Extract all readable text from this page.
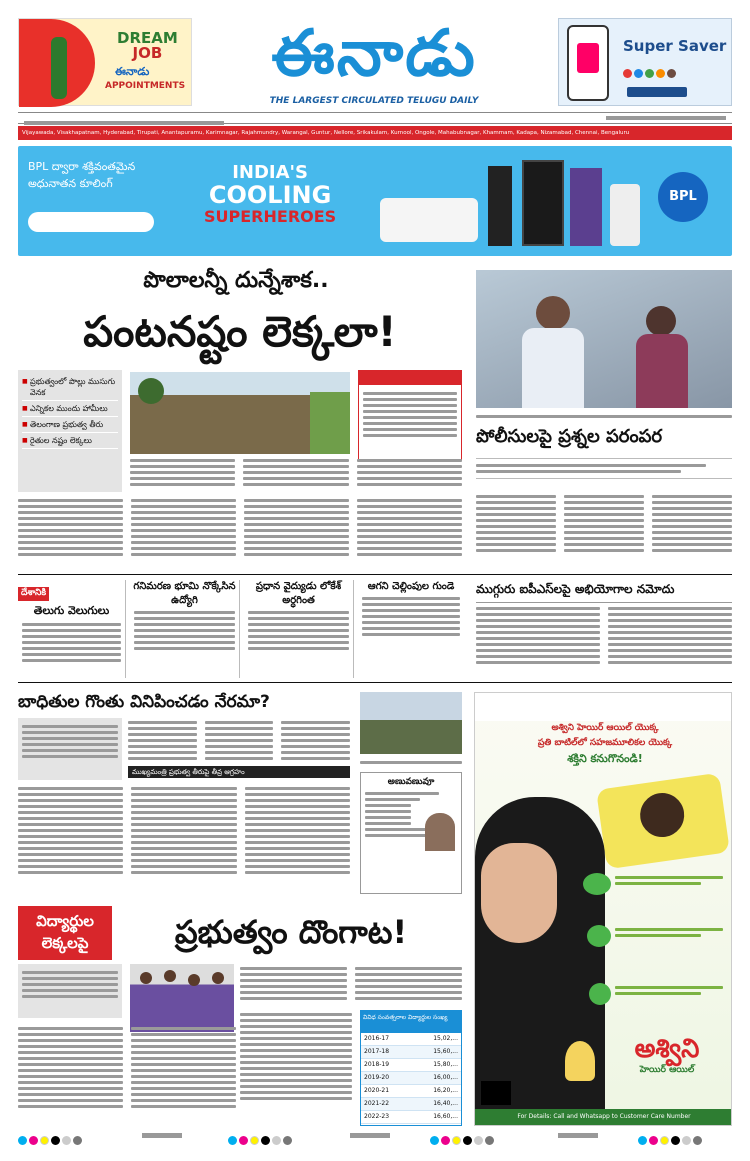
DREAM
JOB
ఈనాడు
APPOINTMENTS	ఈనాడు
THE LARGEST CIRCULATED TELUGU DAILY
Super Saver
Vijayawada, Visakhapatnam, Hyderabad, Tirupati, Anantapuramu, Karimnagar, Rajahmundry, Warangal, Guntur, Nellore, Srikakulam, Kurnool, Ongole, Mahabubnagar, Khammam, Kadapa, Nizamabad, Chennai, Bengaluru
BPL ద్వారా శక్తివంతమైన
అధునాతన కూలింగ్
INDIA'S
COOLING
SUPERHEROES
BPL
పొలాలన్నీ దున్నేశాక..
పంటనష్టం లెక్కలా!
■ ప్రభుత్వంలో పొల్లు ముసుగు వెనక
■ ఎన్నికల ముందు హామీలు
■ తెలంగాణ ప్రభుత్వ తీరు
■ రైతుల నష్టం లెక్కలు	పోలీసులపై ప్రశ్నల పరంపర
దేశానికి
తెలుగు వెలుగులు
గనిమరణ భూమి నొక్కేసిన ఉద్యోగి
ప్రధాన వైద్యుడు లోకేశ్‌ అర్ధగింత
ఆగని చెల్లింపుల గుండె	ముగ్గురు ఐపీఎస్‌లపై అభియోగాల నమోదు
బాధితుల గొంతు వినిపించడం నేరమా?
ముఖ్యమంత్రి ప్రభుత్వ తీరుపై తీవ్ర ఆగ్రహం
అణువణువూ
విద్యార్థుల
లెక్కలపై	ప్రభుత్వం దొంగాట!
వివిధ సంవత్సరాల విద్యార్థుల సంఖ్య
2016-17	15,02,...
2017-18	15,60,...
2018-19	15,80,...
2019-20	16,00,...
2020-21	16,20,...
2021-22	16,40,...
2022-23	16,60,...
అశ్విని హెయిర్ ఆయిల్ యొక్క
ప్రతి బాటిల్‌లో సహజమూలికల యొక్క
శక్తిని కనుగొనండి!
అశ్విని
హెయిర్ ఆయిల్
For Details: Call and Whatsapp to Customer Care Number
